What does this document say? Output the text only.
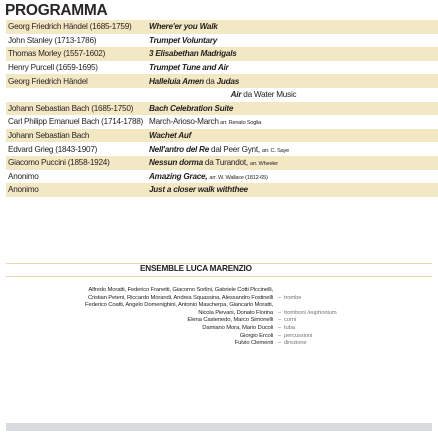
PROGRAMMA
Georg Friedrich Händel (1685-1759)	Where'er you Walk
John Stanley (1713-1786)	Trumpet Voluntary
Thomas Morley (1557-1602)	3 Elisabethan Madrigals
Henry Purcell (1659-1695)	Trumpet Tune and Air
Georg Friedrich Händel	Halleluia Amen da Judas
Air da Water Music
Johann Sebastian Bach (1685-1750)	Bach Celebration Suite
Carl Philipp Emanuel Bach (1714-1788) March-Arioso-March arr. Renato Soglia
Johann Sebastian Bach	Wachet Auf
Edvard Grieg (1843-1907)	Nell'antro del Re dal Peer Gynt, arr. C. Saye
Giacomo Puccini (1858-1924)	Nessun dorma da Turandot, arr. Wheeler
Anonimo	Amazing Grace, arr. W. Wallace (1812-65)
Anonimo	Just a closer walk withthee
ENSEMBLE LUCA MARENZIO
Alfredo Moratti, Federico Franetti, Giacomo Sorlini, Gabriele Cotti Piccinelli,
Cristian Peteni, Riccardo Morandi, Andrea Squassina, Alessandro Fostinelli – trombe
Federico Coatti, Angelo Domenighini, Antonio Mascherpa, Giancarlo Moratti,
Nicola Pievani, Donato Florina – tromboni /euphonium
Elena Castenedo, Marco Simonelli – corni
Damiano Mora, Mario Ducoli – tuba
Giorgio Ercoli – percussioni
Fulvio Clementi – direzione
